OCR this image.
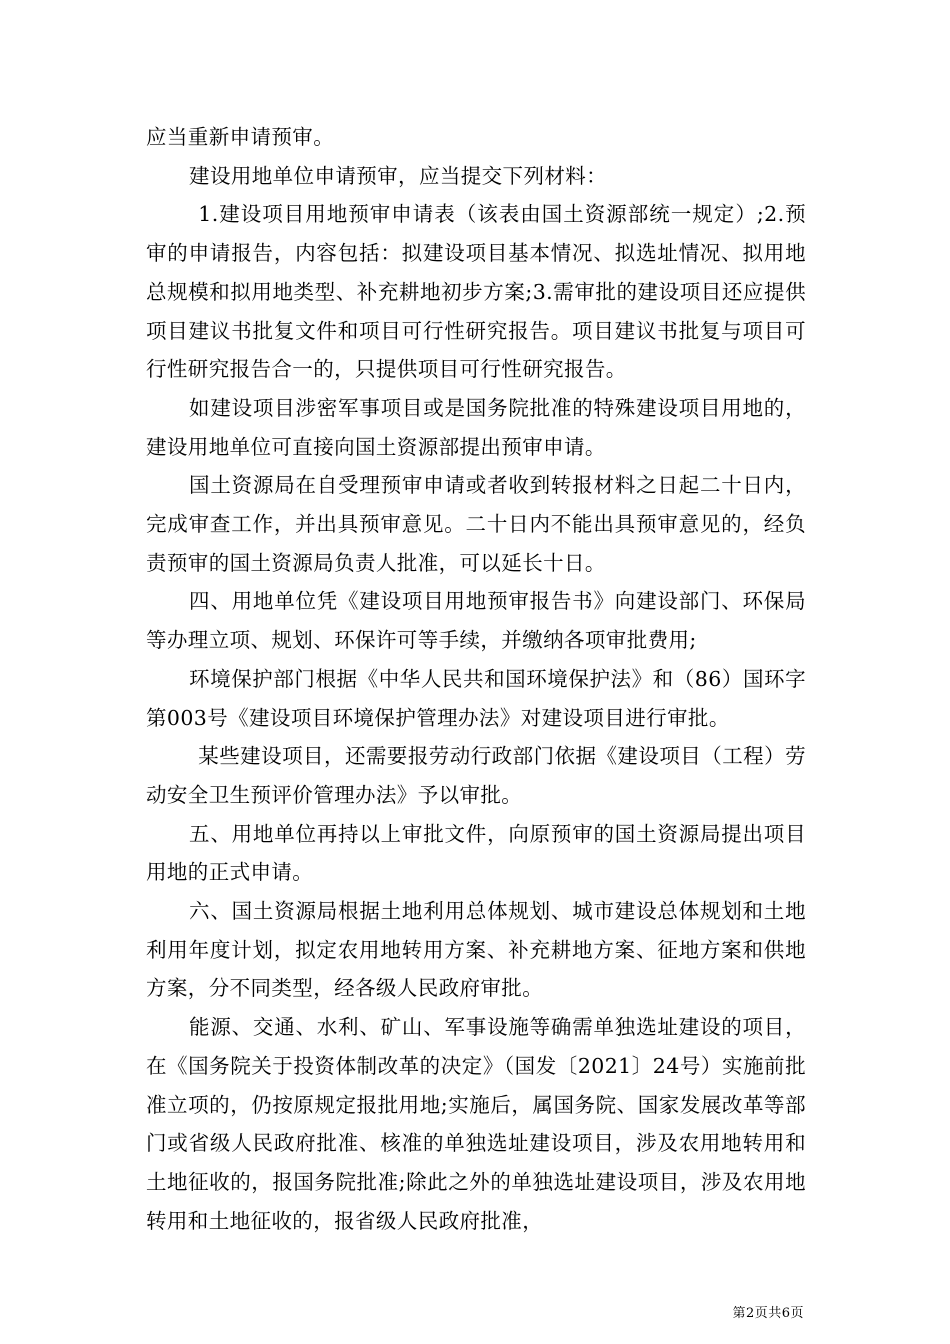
应当重新申请预审。

建设用地单位申请预审，应当提交下列材料：

1.建设项目用地预审申请表（该表由国土资源部统一规定）;2.预审的申请报告，内容包括：拟建设项目基本情况、拟选址情况、拟用地总规模和拟用地类型、补充耕地初步方案;3.需审批的建设项目还应提供项目建议书批复文件和项目可行性研究报告。项目建议书批复与项目可行性研究报告合一的，只提供项目可行性研究报告。

如建设项目涉密军事项目或是国务院批准的特殊建设项目用地的，建设用地单位可直接向国土资源部提出预审申请。

国土资源局在自受理预审申请或者收到转报材料之日起二十日内，完成审查工作，并出具预审意见。二十日内不能出具预审意见的，经负责预审的国土资源局负责人批准，可以延长十日。

四、用地单位凭《建设项目用地预审报告书》向建设部门、环保局等办理立项、规划、环保许可等手续，并缴纳各项审批费用;

环境保护部门根据《中华人民共和国环境保护法》和（86）国环字第003号《建设项目环境保护管理办法》对建设项目进行审批。

某些建设项目，还需要报劳动行政部门依据《建设项目（工程）劳动安全卫生预评价管理办法》予以审批。

五、用地单位再持以上审批文件，向原预审的国土资源局提出项目用地的正式申请。

六、国土资源局根据土地利用总体规划、城市建设总体规划和土地利用年度计划，拟定农用地转用方案、补充耕地方案、征地方案和供地方案，分不同类型，经各级人民政府审批。

能源、交通、水利、矿山、军事设施等确需单独选址建设的项目，在《国务院关于投资体制改革的决定》（国发〔2021〕24号）实施前批准立项的，仍按原规定报批用地;实施后，属国务院、国家发展改革等部门或省级人民政府批准、核准的单独选址建设项目，涉及农用地转用和土地征收的，报国务院批准;除此之外的单独选址建设项目，涉及农用地转用和土地征收的，报省级人民政府批准，

第2页共6页
